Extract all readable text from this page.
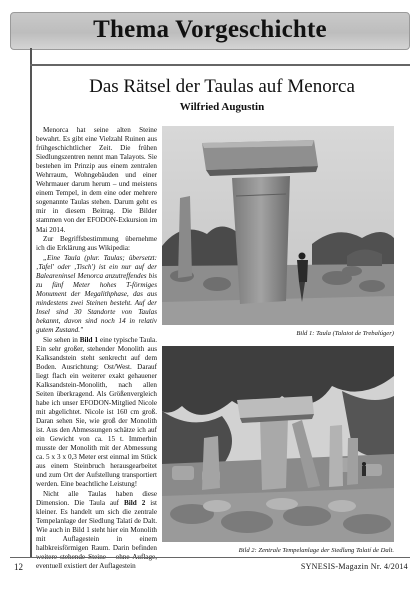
Thema Vorgeschichte
Das Rätsel der Taulas auf Menorca
Wilfried Augustin

Menorca hat seine alten Steine bewahrt. Es gibt eine Vielzahl Ruinen aus frühgeschichtlicher Zeit. Die frühen Siedlungszentren nennt man Talayots. Sie bestehen im Prinzip aus einem zentralen Wehrraum, Wohngebäuden und einer Wehrmauer darum herum – und meistens einem Tempel, in dem eine oder mehrere sogenannte Taulas stehen. Darum geht es mir in diesem Beitrag. Die Bilder stammen von der EFODON-Exkursion im Mai 2014.

Zur Begriffsbestimmung übernehme ich die Erklärung aus Wikipedia:

„Eine Taula (plur. Taulas; übersetzt: ‚Tafel' oder ‚Tisch') ist ein nur auf der Baleareninsel Menorca anzutreffendes bis zu fünf Meter hohes T-förmiges Monument der Megalithphase, das aus mindestens zwei Steinen besteht. Auf der Insel sind 30 Standorte von Taulas bekannt, davon sind noch 14 in relativ gutem Zustand."

Sie sehen in Bild 1 eine typische Taula. Ein sehr großer, stehender Monolith aus Kalksandstein steht senkrecht auf dem Boden. Ausrichtung: Ost/West. Darauf liegt flach ein weiterer exakt gehauener Kalksandstein-Monolith, nach allen Seiten überkragend. Als Größenvergleich habe ich unser EFODON-Mitglied Nicole mit abgelichtet. Nicole ist 160 cm groß. Daran sehen Sie, wie groß der Monolith ist. Aus den Abmessungen schätze ich auf ein Gewicht von ca. 15 t. Immerhin musste der Monolith mit der Abmessung ca. 5 x 3 x 0,3 Meter erst einmal im Stück aus einem Steinbruch herausgearbeitet und zum Ort der Aufstellung transportiert werden. Eine beachtliche Leistung!

Nicht alle Taulas haben diese Dimension. Die Taula auf Bild 2 ist kleiner. Es handelt um sich die zentrale Tempelanlage der Siedlung Talatí de Dalt. Wie auch in Bild 1 steht hier ein Monolith mit Auflagestein in einem halbkreisförmigen Raum. Darin befinden eventuell existiert der Auflagestein

Bild 1: Taula (Talaiot de Trebalúger)
Bild 2: Zentrale Tempelanlage der Siedlung Talatí de Dalt.
12	SYNESIS-Magazin Nr. 4/2014
